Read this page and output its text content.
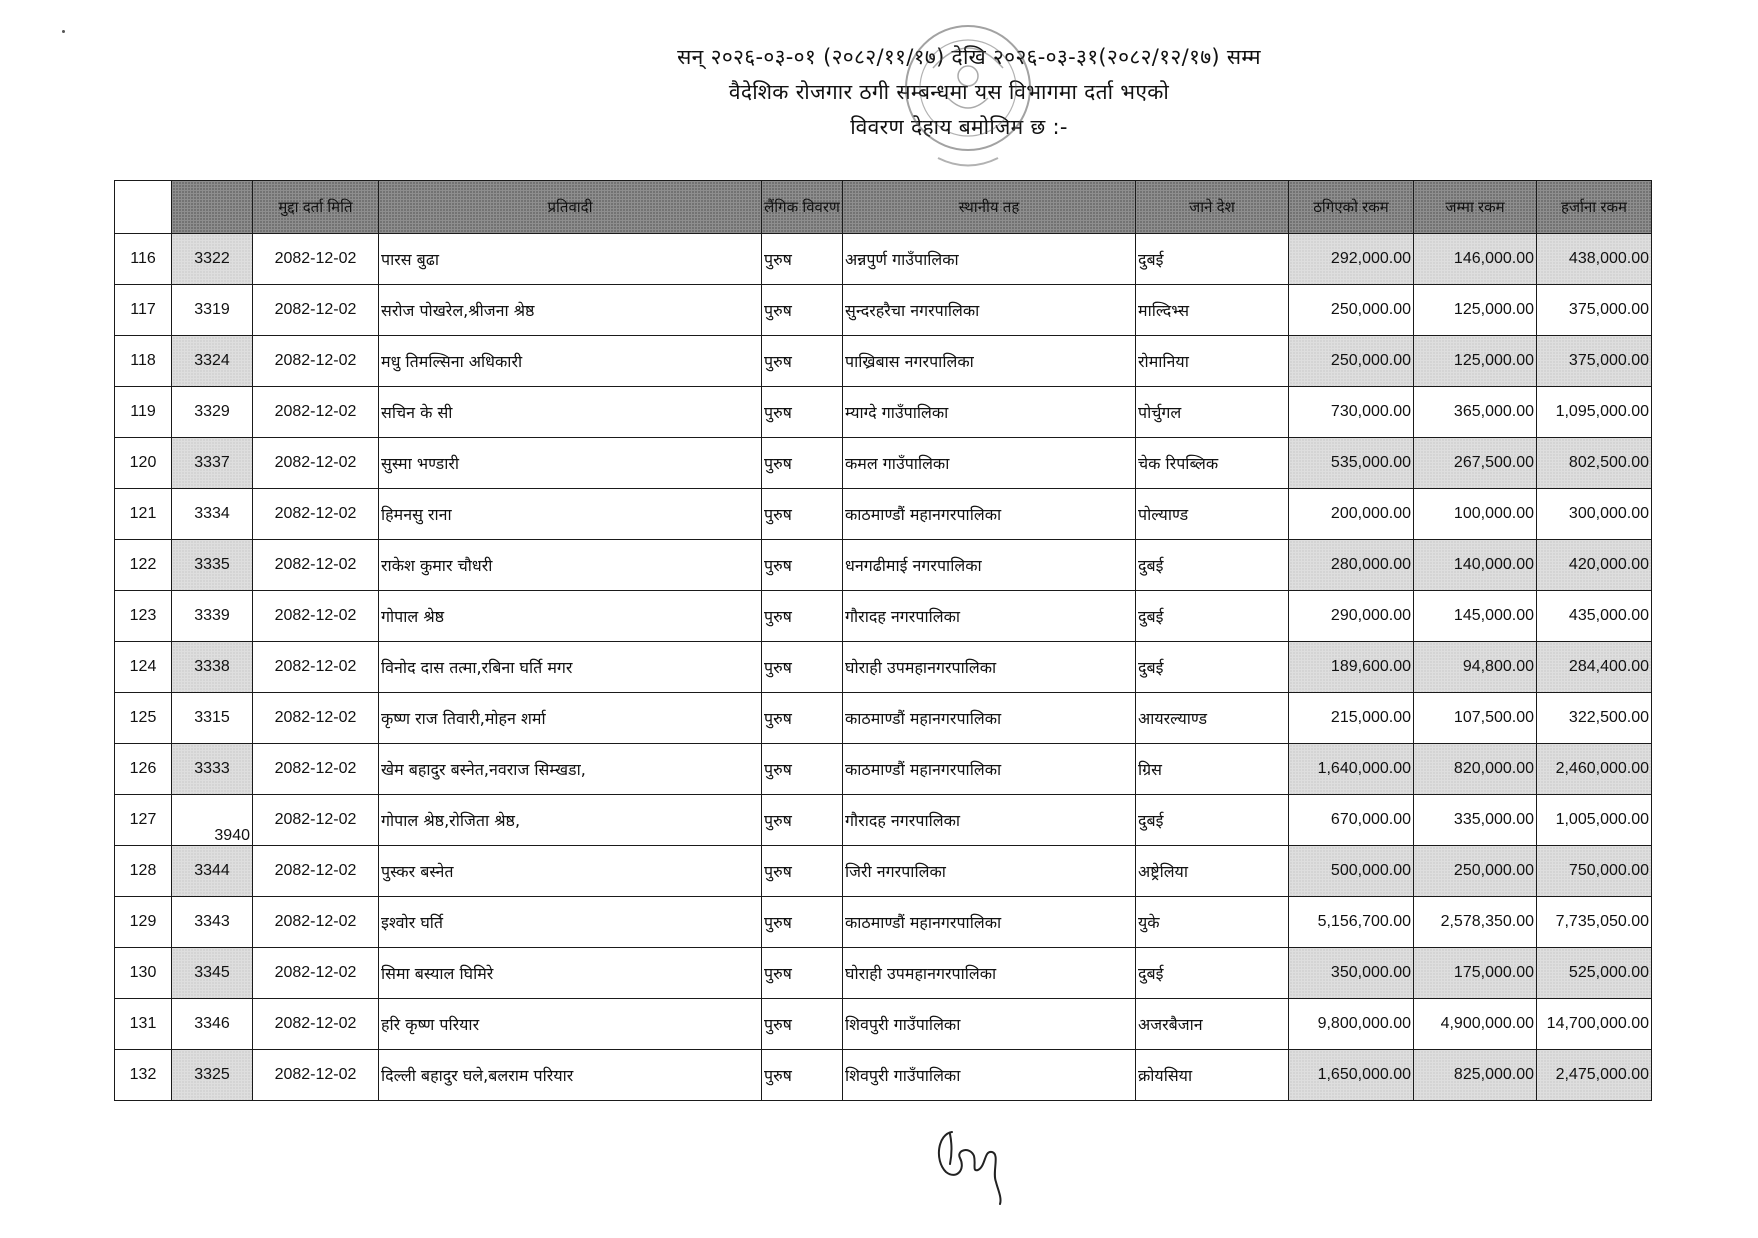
सन् २०२६-०३-०१ (२०८२/११/१७) देखि २०२६-०३-३१(२०८२/१२/१७) सम्म
वैदेशिक रोजगार ठगी सम्बन्धमा यस विभागमा दर्ता भएको
विवरण देहाय बमोजिम छ :-
		मुद्दा दर्ता मिति	प्रतिवादी	लैंगिक विवरण	स्थानीय तह	जाने देश	ठगिएको रकम	जम्मा रकम	हर्जाना रकम
116	3322	2082-12-02	पारस बुढा	पुरुष	अन्नपुर्ण गाउँपालिका	दुबई	292,000.00	146,000.00	438,000.00
117	3319	2082-12-02	सरोज पोखरेल,श्रीजना श्रेष्ठ	पुरुष	सुन्दरहरैचा नगरपालिका	माल्दिभ्स	250,000.00	125,000.00	375,000.00
118	3324	2082-12-02	मधु तिमल्सिना अधिकारी	पुरुष	पाख्रिबास नगरपालिका	रोमानिया	250,000.00	125,000.00	375,000.00
119	3329	2082-12-02	सचिन के सी	पुरुष	म्याग्दे गाउँपालिका	पोर्चुगल	730,000.00	365,000.00	1,095,000.00
120	3337	2082-12-02	सुस्मा भण्डारी	पुरुष	कमल गाउँपालिका	चेक रिपब्लिक	535,000.00	267,500.00	802,500.00
121	3334	2082-12-02	हिमनसु राना	पुरुष	काठमाण्डौं महानगरपालिका	पोल्याण्ड	200,000.00	100,000.00	300,000.00
122	3335	2082-12-02	राकेश कुमार चौधरी	पुरुष	धनगढीमाई नगरपालिका	दुबई	280,000.00	140,000.00	420,000.00
123	3339	2082-12-02	गोपाल श्रेष्ठ	पुरुष	गौरादह नगरपालिका	दुबई	290,000.00	145,000.00	435,000.00
124	3338	2082-12-02	विनोद दास तत्मा,रबिना घर्ति मगर	पुरुष	घोराही उपमहानगरपालिका	दुबई	189,600.00	94,800.00	284,400.00
125	3315	2082-12-02	कृष्ण राज तिवारी,मोहन शर्मा	पुरुष	काठमाण्डौं महानगरपालिका	आयरल्याण्ड	215,000.00	107,500.00	322,500.00
126	3333	2082-12-02	खेम बहादुर बस्नेत,नवराज सिम्खडा,	पुरुष	काठमाण्डौं महानगरपालिका	ग्रिस	1,640,000.00	820,000.00	2,460,000.00
127	3940	2082-12-02	गोपाल श्रेष्ठ,रोजिता श्रेष्ठ,	पुरुष	गौरादह नगरपालिका	दुबई	670,000.00	335,000.00	1,005,000.00
128	3344	2082-12-02	पुस्कर बस्नेत	पुरुष	जिरी नगरपालिका	अष्ट्रेलिया	500,000.00	250,000.00	750,000.00
129	3343	2082-12-02	इश्वोर घर्ति	पुरुष	काठमाण्डौं महानगरपालिका	युके	5,156,700.00	2,578,350.00	7,735,050.00
130	3345	2082-12-02	सिमा बस्याल घिमिरे	पुरुष	घोराही उपमहानगरपालिका	दुबई	350,000.00	175,000.00	525,000.00
131	3346	2082-12-02	हरि कृष्ण परियार	पुरुष	शिवपुरी गाउँपालिका	अजरबैजान	9,800,000.00	4,900,000.00	14,700,000.00
132	3325	2082-12-02	दिल्ली बहादुर घले,बलराम परियार	पुरुष	शिवपुरी गाउँपालिका	क्रोयसिया	1,650,000.00	825,000.00	2,475,000.00
